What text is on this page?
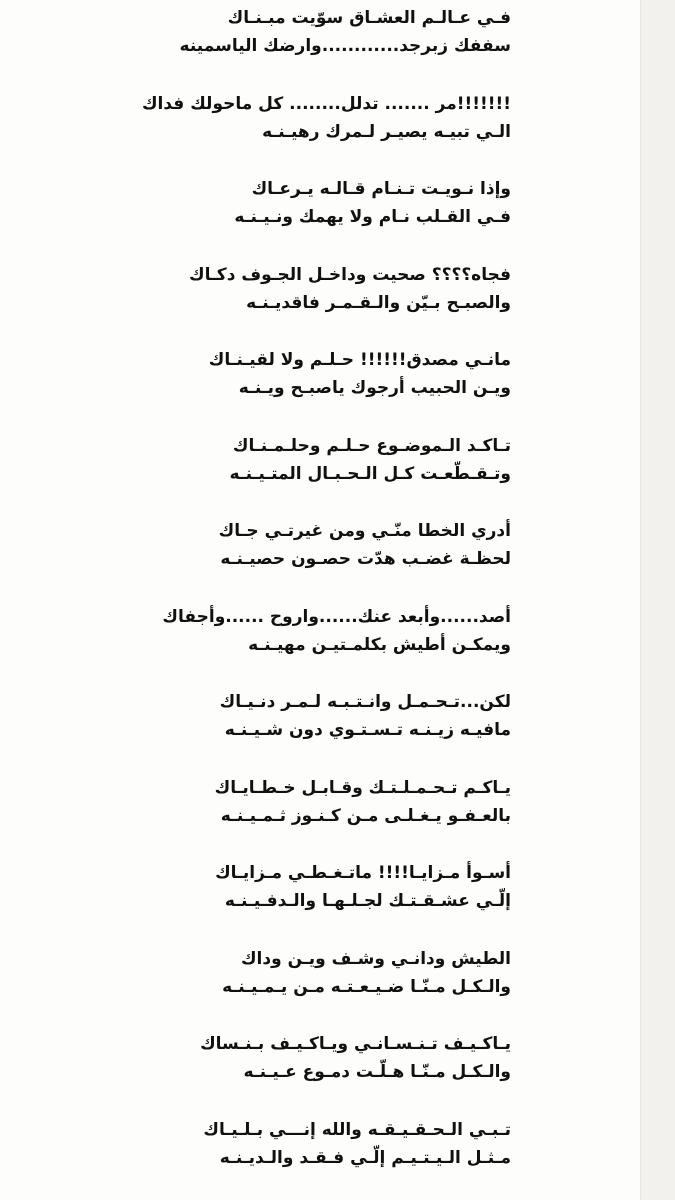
فـي عـالـم العشـاق سوّيت مبـنـاك
سففك زبرجد............وارضك الياسمينه
!!!!!!!مر ....... تدلل........ كل ماحولك فداك
الـي تبيـه يصيـر لـمرك رهيـنـه
وإذا نـويـت تـنـام قـالـه يـرعـاك
فـي القـلب نـام ولا يهمك ونـيـنـه
فجاه؟؟؟؟ صحيت وداخـل الجـوف دكـاك
والصبـح بـيّن والـقـمـر فاقديـنـه
مانـي مصدق!!!!!! حـلـم ولا لقيـنـاك
ويـن الحبيب أرجوك ياصبـح ويـنـه
تـاكـد الـموضـوع حـلـم وحلـمـنـاك
وتـقـطّعـت كـل الـحـبـال المتـيـنـه
أدري الخطا منّـي ومن غيرتـي جـاك
لحظـة غضـب هدّت حصـون حصيـنـه
أصد......وأبعد عنك......واروح ......وأجفاك
ويمكـن أطيش بكلمـتيـن مهيـنـه
لكن...تـحـمـل وانـتـبـه لـمـر دنـيـاك
مافيـه زيـنـه تـسـتـوي دون شـيـنـه
يـاكـم تـحـمـلـتـك وقـابـل خـطـايـاك
بالعـفـو يـغـلـى مـن كـنـوز ثـمـيـنـه
أسـوأ مـزايـا!!!! ماتـغـطـي مـزايـاك
إلّـي عشـقـتـك لجـلـهـا والـدفـيـنـه
الطيش ودانـي وشـف ويـن وداك
والـكـل مـنّـا ضـيـعـتـه مـن يـمـيـنـه
يـاكـيـف تـنـسـانـي ويـاكـيـف بـنـساك
والـكـل مـنّـا هـلّـت دمـوع عـيـنـه
تـبـي الـحـقـيـقـه والله إنـــي بـلـيـاك
مـثـل الـيـتـيـم إلّـي فـقـد والـديـنـه
